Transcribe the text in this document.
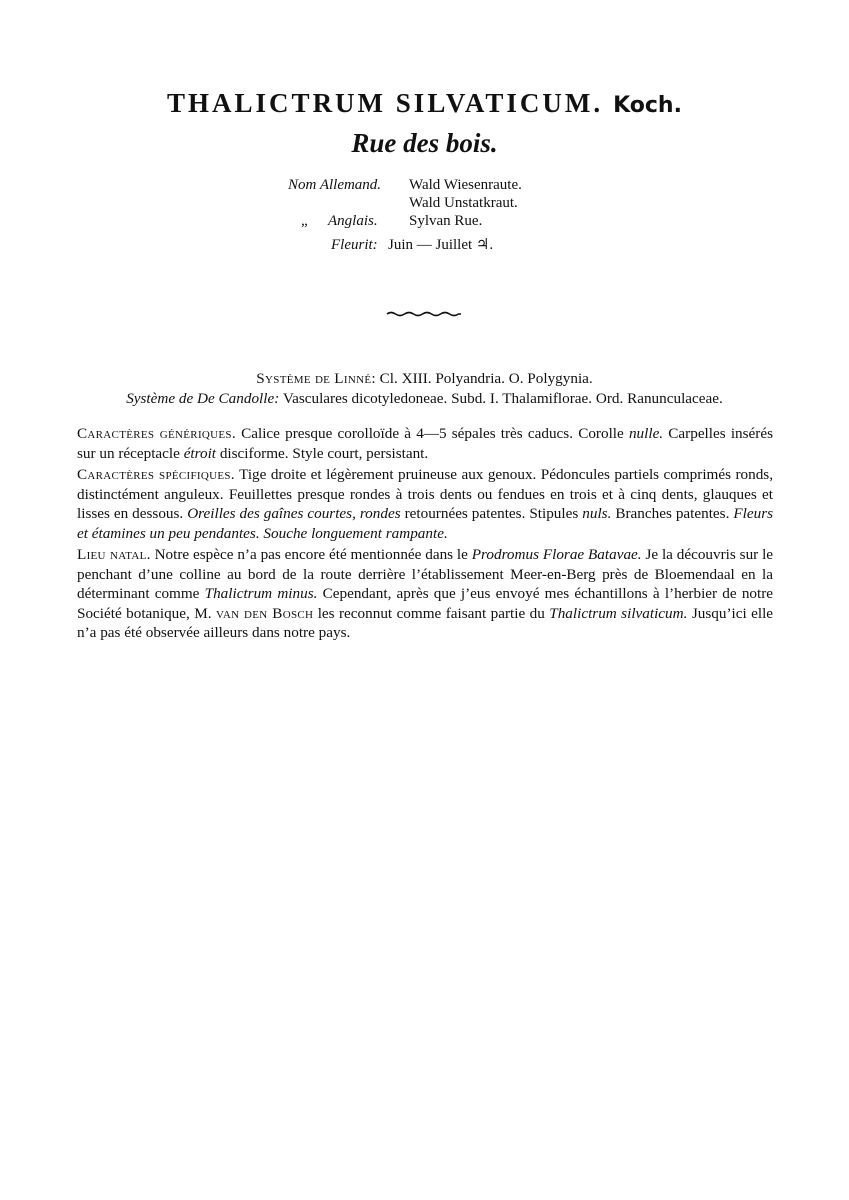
THALICTRUM SILVATICUM. Koch.
Rue des bois.
Nom Allemand. Wald Wiesenraute.
Wald Unstatkraut.
„ Anglais. Sylvan Rue.
Fleurit: Juin — Juillet ♃.
Système de Linné: Cl. XIII. Polyandria. O. Polygynia.
Système de De Candolle: Vasculares dicotyledoneae. Subd. I. Thalamiflorae. Ord. Ranunculaceae.

Caractères génériques. Calice presque corolloïde à 4—5 sépales très caducs. Corolle nulle. Carpelles insérés sur un réceptacle étroit disciforme. Style court, persistant.

Caractères spécifiques. Tige droite et légèrement pruineuse aux genoux. Pédoncules partiels comprimés ronds, distinctément anguleux. Feuillettes presque rondes à trois dents ou fendues en trois et à cinq dents, glauques et lisses en dessous. Oreilles des gaînes courtes, rondes retournées patentes. Stipules nuls. Branches patentes. Fleurs et étamines un peu pendantes. Souche longuement rampante.

Lieu natal. Notre espèce n’a pas encore été mentionnée dans le Prodromus Florae Batavae. Je la découvris sur le penchant d’une colline au bord de la route derrière l’établissement Meer-en-Berg près de Bloemendaal en la déterminant comme Thalictrum minus. Cependant, après que j’eus envoyé mes échantillons à l’herbier de notre Société botanique, M. van den Bosch les reconnut comme faisant partie du Thalictrum silvaticum. Jusqu’ici elle n’a pas été observée ailleurs dans notre pays.
